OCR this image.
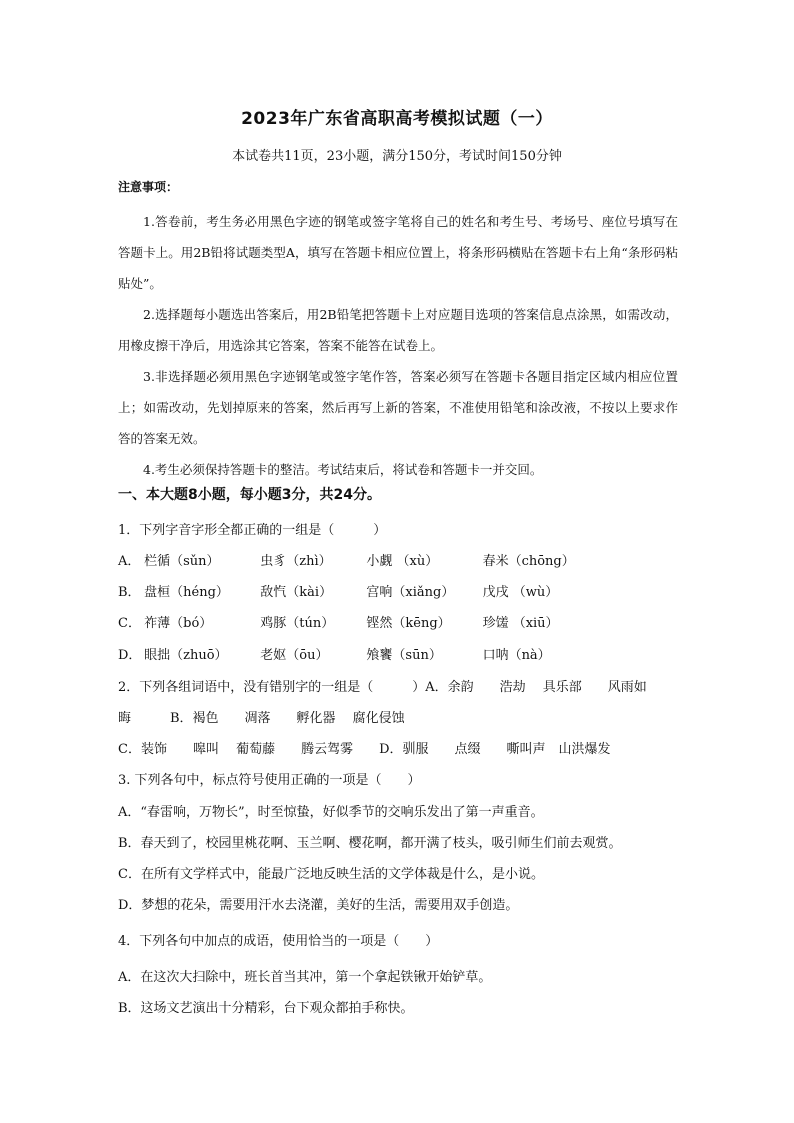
2023年广东省高职高考模拟试题（一）
本试卷共11页，23小题，满分150分，考试时间150分钟
注意事项：

1.答卷前，考生务必用黑色字迹的钢笔或签字笔将自己的姓名和考生号、考场号、座位号填写在答题卡上。用2B铅将试题类型A，填写在答题卡相应位置上，将条形码横贴在答题卡右上角“条形码粘贴处”。

2.选择题每小题选出答案后，用2B铅笔把答题卡上对应题目选项的答案信息点涂黑，如需改动，用橡皮擦干净后，用选涂其它答案，答案不能答在试卷上。

3.非选择题必须用黑色字迹钢笔或签字笔作答，答案必须写在答题卡各题目指定区域内相应位置上；如需改动，先划掉原来的答案，然后再写上新的答案，不准使用铅笔和涂改液，不按以上要求作答的答案无效。

4.考生必须保持答题卡的整洁。考试结束后，将试卷和答题卡一并交回。

一、本大题8小题，每小题3分，共24分。
1．下列字音字形全都正确的一组是（　　　）
A． 栏循（sǔn）	虫豸（zhì）	小觑 （xù）	春米（chōng）
B． 盘桓（héng） 敌忾（kài）	宫响（xiǎng） 戊戌 （wù）
C． 祚薄（bó）	鸡豚（tún） 铿然（kēng） 珍馐 （xiū）
D． 眼拙（zhuō）	老妪（ōu）	飧饔（sūn）	口呐（nà）
2．下列各组词语中，没有错别字的一组是（　　　）A．余韵　　浩劫　 具乐部　　风雨如
晦　　　B．褐色　　凋落　　孵化器　 腐化侵蚀
C．装饰　　嗥叫　 葡萄藤　　腾云驾雾　　D．驯服　　点缀　　嘶叫声　山洪爆发
3. 下列各句中，标点符号使用正确的一项是（　　）
A．“春雷响，万物长”，时至惊蛰，好似季节的交响乐发出了第一声重音。
B．春天到了，校园里桃花啊、玉兰啊、樱花啊，都开满了枝头，吸引师生们前去观赏。
C．在所有文学样式中，能最广泛地反映生活的文学体裁是什么，是小说。
D．梦想的花朵，需要用汗水去浇灌，美好的生活，需要用双手创造。
4．下列各句中加点的成语，使用恰当的一项是（　　）
A．在这次大扫除中，班长首当其冲，第一个拿起铁锹开始铲草。
B．这场文艺演出十分精彩，台下观众都拍手称快。
